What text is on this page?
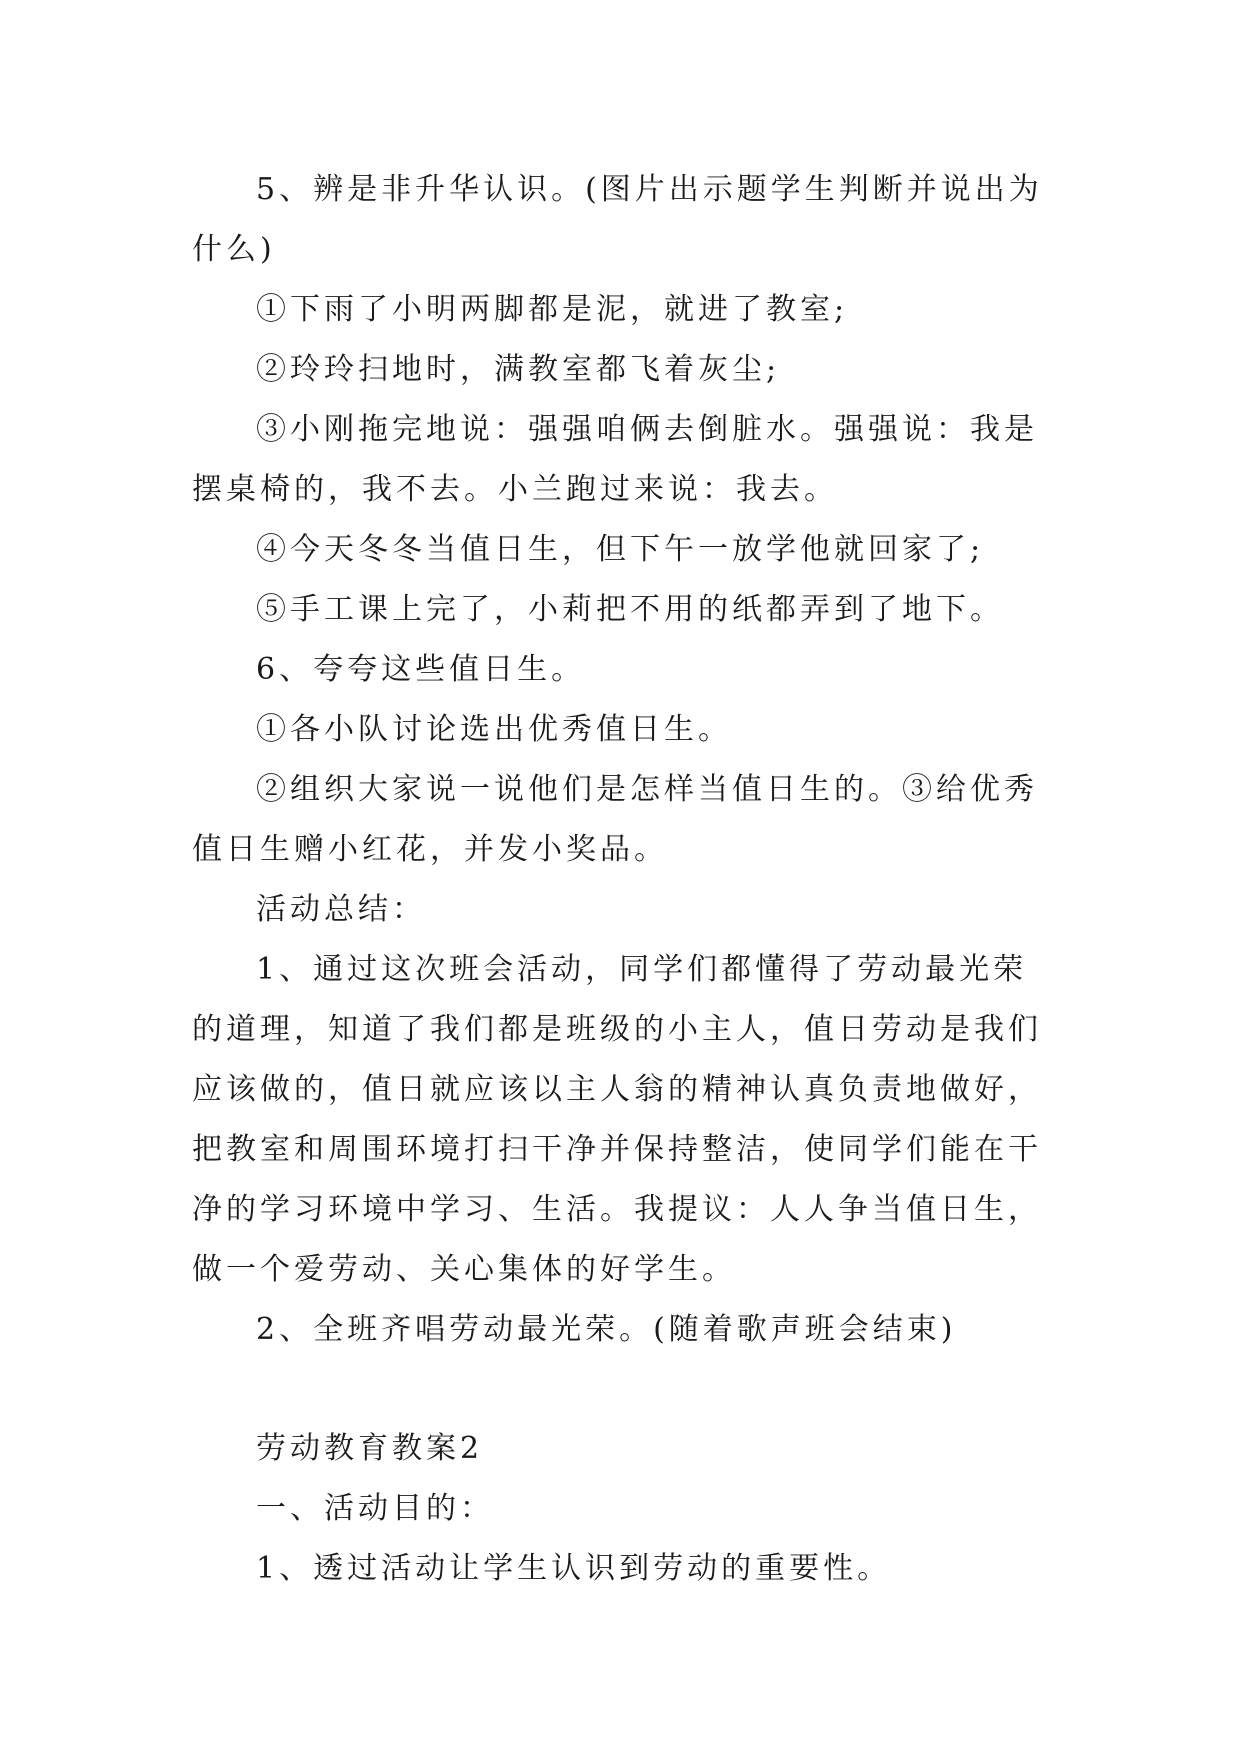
5、辨是非升华认识。(图片出示题学生判断并说出为什么)

①下雨了小明两脚都是泥，就进了教室;

②玲玲扫地时，满教室都飞着灰尘;

③小刚拖完地说：强强咱俩去倒脏水。强强说：我是摆桌椅的，我不去。小兰跑过来说：我去。

④今天冬冬当值日生，但下午一放学他就回家了;

⑤手工课上完了，小莉把不用的纸都弄到了地下。

6、夸夸这些值日生。

①各小队讨论选出优秀值日生。

②组织大家说一说他们是怎样当值日生的。③给优秀值日生赠小红花，并发小奖品。

活动总结：

1、通过这次班会活动，同学们都懂得了劳动最光荣的道理，知道了我们都是班级的小主人，值日劳动是我们应该做的，值日就应该以主人翁的精神认真负责地做好，把教室和周围环境打扫干净并保持整洁，使同学们能在干净的学习环境中学习、生活。我提议：人人争当值日生，做一个爱劳动、关心集体的好学生。

2、全班齐唱劳动最光荣。(随着歌声班会结束)

劳动教育教案2

一、活动目的：

1、透过活动让学生认识到劳动的重要性。
